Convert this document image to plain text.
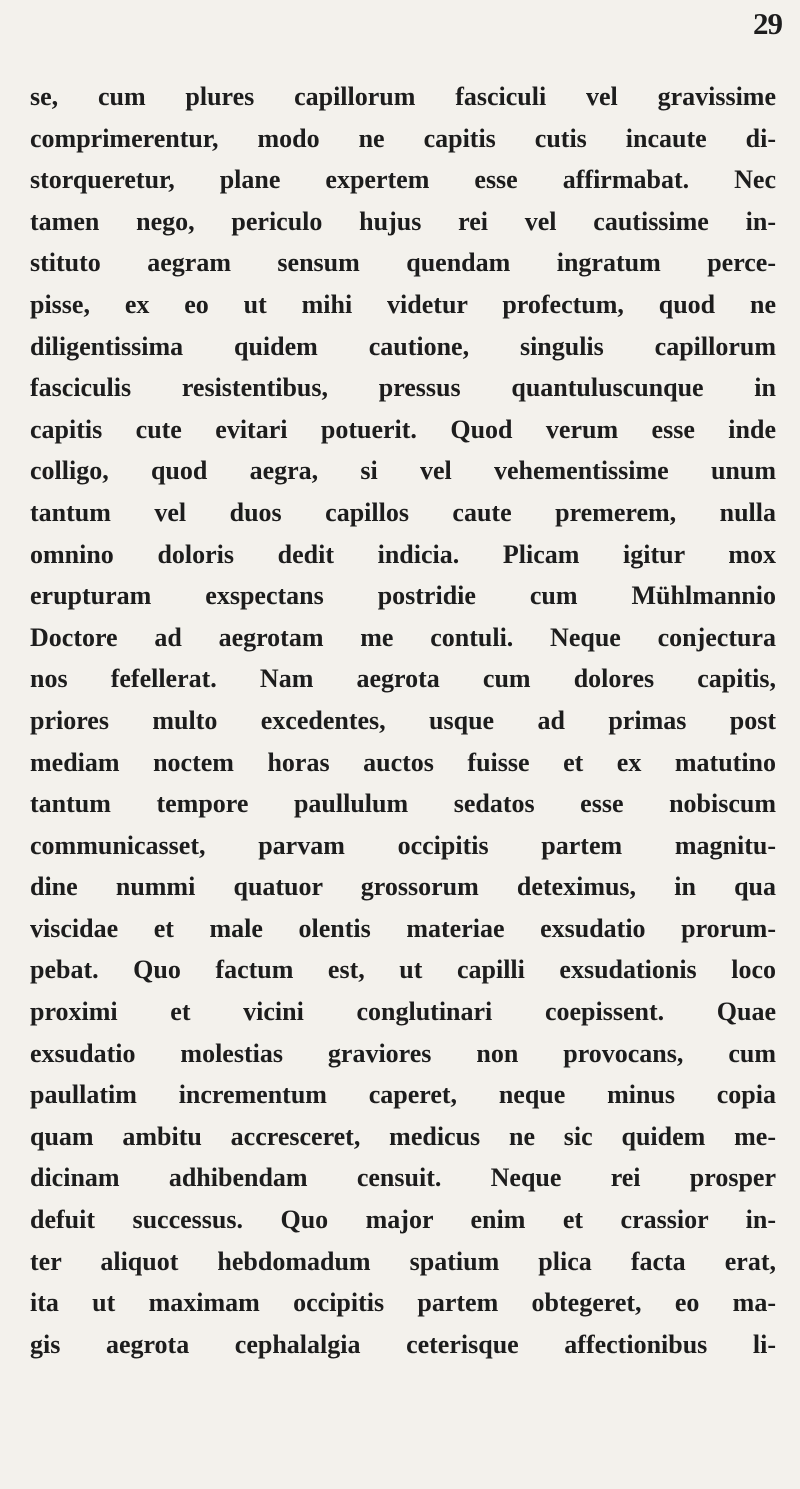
29
se, cum plures capillorum fasciculi vel gravissime
comprimerentur, modo ne capitis cutis incaute di-
storqueretur, plane expertem esse affirmabat. Nec
tamen nego, periculo hujus rei vel cautissime in-
stituto aegram sensum quendam ingratum perce-
pisse, ex eo ut mihi videtur profectum, quod ne
diligentissima quidem cautione, singulis capillorum
fasciculis resistentibus, pressus quantuluscunque in
capitis cute evitari potuerit. Quod verum esse inde
colligo, quod aegra, si vel vehementissime unum
tantum vel duos capillos caute premerem, nulla
omnino doloris dedit indicia. Plicam igitur mox
erupturam exspectans postridie cum Mühlmannio
Doctore ad aegrotam me contuli. Neque conjectura
nos fefellerat. Nam aegrota cum dolores capitis,
priores multo excedentes, usque ad primas post
mediam noctem horas auctos fuisse et ex matutino
tantum tempore paullulum sedatos esse nobiscum
communicasset, parvam occipitis partem magnitu-
dine nummi quatuor grossorum deteximus, in qua
viscidae et male olentis materiae exsudatio prorum-
pebat. Quo factum est, ut capilli exsudationis loco
proximi et vicini conglutinari coepissent. Quae
exsudatio molestias graviores non provocans, cum
paullatim incrementum caperet, neque minus copia
quam ambitu accresceret, medicus ne sic quidem me-
dicinam adhibendam censuit. Neque rei prosper
defuit successus. Quo major enim et crassior in-
ter aliquot hebdomadum spatium plica facta erat,
ita ut maximam occipitis partem obtegeret, eo ma-
gis aegrota cephalalgia ceterisque affectionibus li-
